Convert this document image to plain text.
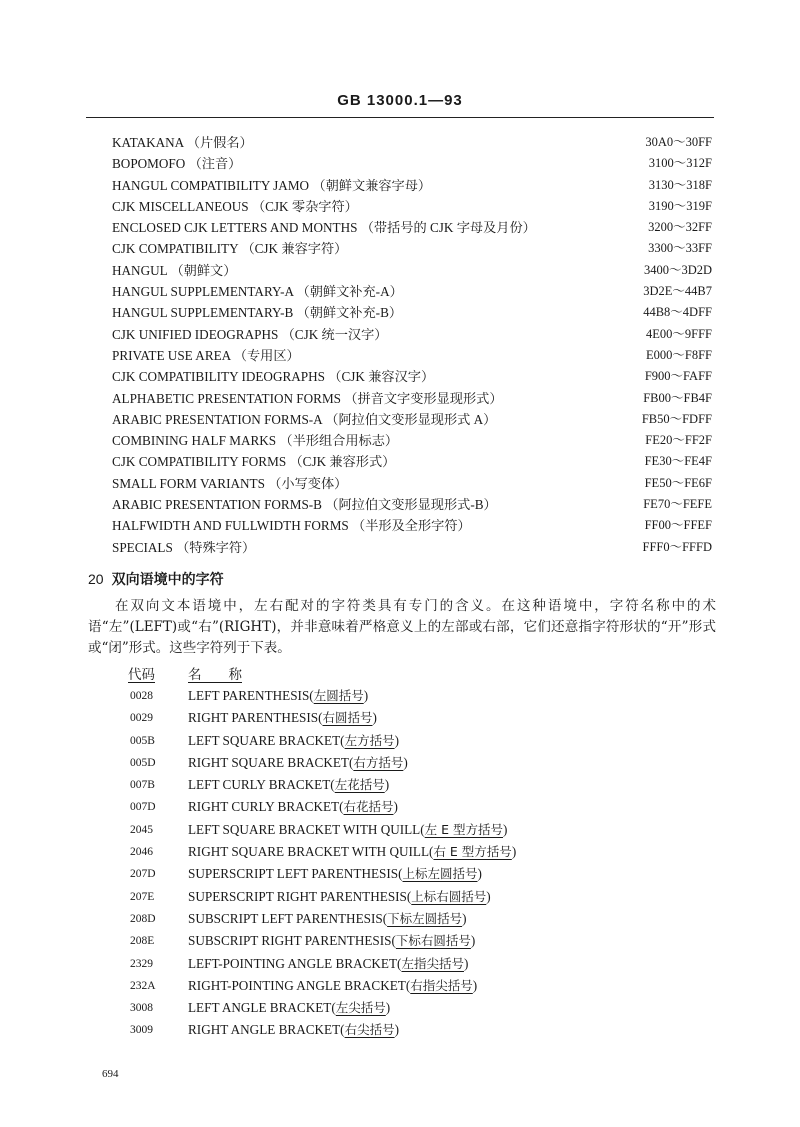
GB 13000.1—93
KATAKANA （片假名）	30A0～30FF
BOPOMOFO （注音）	3100～312F
HANGUL COMPATIBILITY JAMO （朝鲜文兼容字母）	3130～318F
CJK MISCELLANEOUS （CJK 零杂字符）	3190～319F
ENCLOSED CJK LETTERS AND MONTHS （带括号的 CJK 字母及月份）	3200～32FF
CJK COMPATIBILITY （CJK 兼容字符）	3300～33FF
HANGUL （朝鲜文）	3400～3D2D
HANGUL SUPPLEMENTARY-A （朝鲜文补充-A）	3D2E～44B7
HANGUL SUPPLEMENTARY-B （朝鲜文补充-B）	44B8～4DFF
CJK UNIFIED IDEOGRAPHS （CJK 统一汉字）	4E00～9FFF
PRIVATE USE AREA （专用区）	E000～F8FF
CJK COMPATIBILITY IDEOGRAPHS （CJK 兼容汉字）	F900～FAFF
ALPHABETIC PRESENTATION FORMS （拼音文字变形显现形式）	FB00～FB4F
ARABIC PRESENTATION FORMS-A （阿拉伯文变形显现形式 A）	FB50～FDFF
COMBINING HALF MARKS （半形组合用标志）	FE20～FF2F
CJK COMPATIBILITY FORMS （CJK 兼容形式）	FE30～FE4F
SMALL FORM VARIANTS （小写变体）	FE50～FE6F
ARABIC PRESENTATION FORMS-B （阿拉伯文变形显现形式-B）	FE70～FEFE
HALFWIDTH AND FULLWIDTH FORMS （半形及全形字符）	FF00～FFEF
SPECIALS （特殊字符）	FFF0～FFFD
20 双向语境中的字符
在双向文本语境中，左右配对的字符类具有专门的含义。在这种语境中，字符名称中的术语“左”(LEFT)或“右”(RIGHT)，并非意味着严格意义上的左部或右部，它们还意指字符形状的“开”形式或“闭”形式。这些字符列于下表。
代码 名　　称
0028	LEFT PARENTHESIS(左圆括号)
0029	RIGHT PARENTHESIS(右圆括号)
005B	LEFT SQUARE BRACKET(左方括号)
005D RIGHT SQUARE BRACKET(右方括号)
007B	LEFT CURLY BRACKET(左花括号)
007D RIGHT CURLY BRACKET(右花括号)
2045	LEFT SQUARE BRACKET WITH QUILL(左 E 型方括号)
2046	RIGHT SQUARE BRACKET WITH QUILL(右 E 型方括号)
207D SUPERSCRIPT LEFT PARENTHESIS(上标左圆括号)
207E	SUPERSCRIPT RIGHT PARENTHESIS(上标右圆括号)
208D SUBSCRIPT LEFT PARENTHESIS(下标左圆括号)
208E	SUBSCRIPT RIGHT PARENTHESIS(下标右圆括号)
2329	LEFT-POINTING ANGLE BRACKET(左指尖括号)
232A RIGHT-POINTING ANGLE BRACKET(右指尖括号)
3008	LEFT ANGLE BRACKET(左尖括号)
3009	RIGHT ANGLE BRACKET(右尖括号)
694
